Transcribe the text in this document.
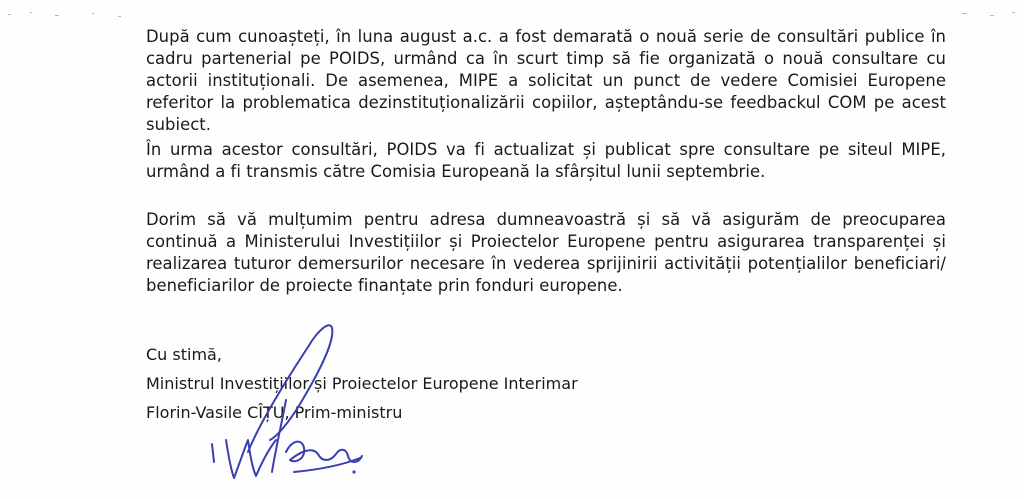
După cum cunoașteți, în luna august a.c. a fost demarată o nouă serie de consultări publice în cadru partenerial pe POIDS, urmând ca în scurt timp să fie organizată o nouă consultare cu actorii instituționali. De asemenea, MIPE a solicitat un punct de vedere Comisiei Europene referitor la problematica dezinstituționalizării copiilor, așteptându-se feedbackul COM pe acest subiect.

În urma acestor consultări, POIDS va fi actualizat și publicat spre consultare pe siteul MIPE, urmând a fi transmis către Comisia Europeană la sfârșitul lunii septembrie.

Dorim să vă mulțumim pentru adresa dumneavoastră și să vă asigurăm de preocuparea continuă a Ministerului Investițiilor și Proiectelor Europene pentru asigurarea transparenței și realizarea tuturor demersurilor necesare în vederea sprijinirii activității potențialilor beneficiari/ beneficiarilor de proiecte finanțate prin fonduri europene.

Cu stimă,
Ministrul Investițiilor și Proiectelor Europene Interimar
Florin-Vasile CÎȚU, Prim-ministru
